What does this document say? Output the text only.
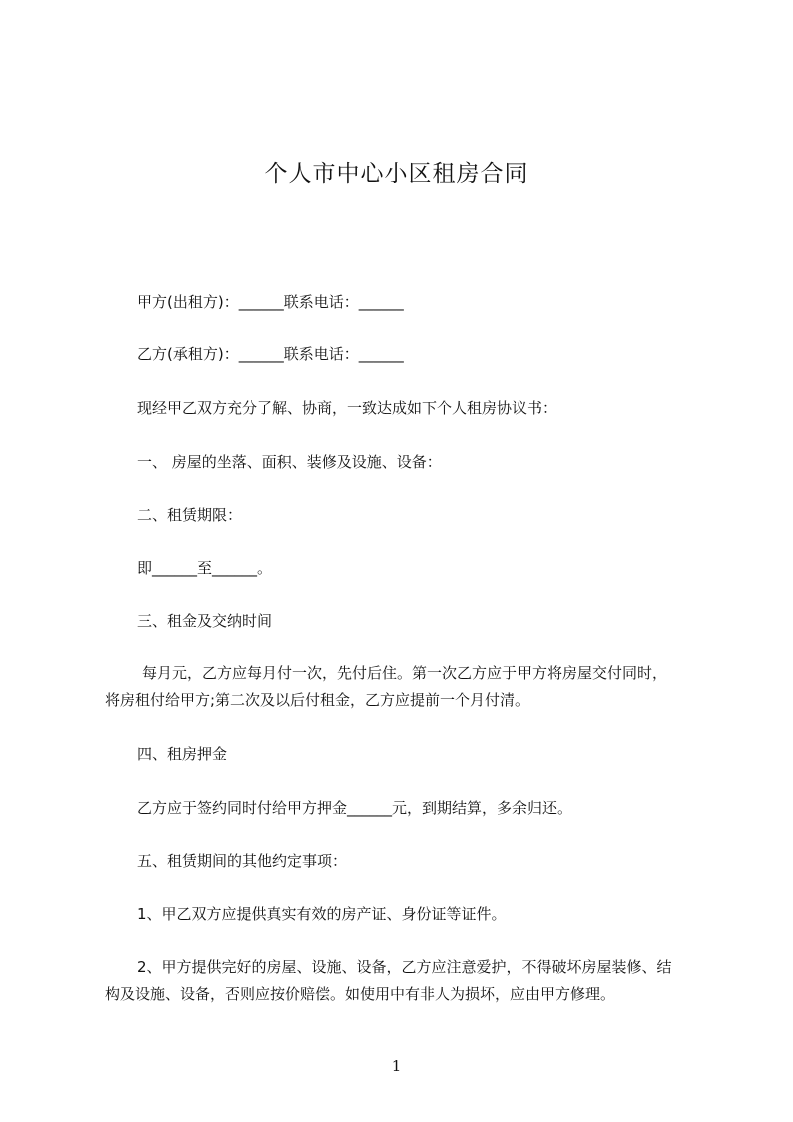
个人市中心小区租房合同

甲方(出租方)：______联系电话：______

乙方(承租方)：______联系电话：______

现经甲乙双方充分了解、协商，一致达成如下个人租房协议书：

一、 房屋的坐落、面积、装修及设施、设备：

二、租赁期限：

即______至______。

三、租金及交纳时间

每月元，乙方应每月付一次，先付后住。第一次乙方应于甲方将房屋交付同时，

将房租付给甲方;第二次及以后付租金，乙方应提前一个月付清。

四、租房押金

乙方应于签约同时付给甲方押金______元，到期结算，多余归还。

五、租赁期间的其他约定事项：

1、甲乙双方应提供真实有效的房产证、身份证等证件。

2、甲方提供完好的房屋、设施、设备，乙方应注意爱护，不得破坏房屋装修、结

构及设施、设备，否则应按价赔偿。如使用中有非人为损坏，应由甲方修理。

1
